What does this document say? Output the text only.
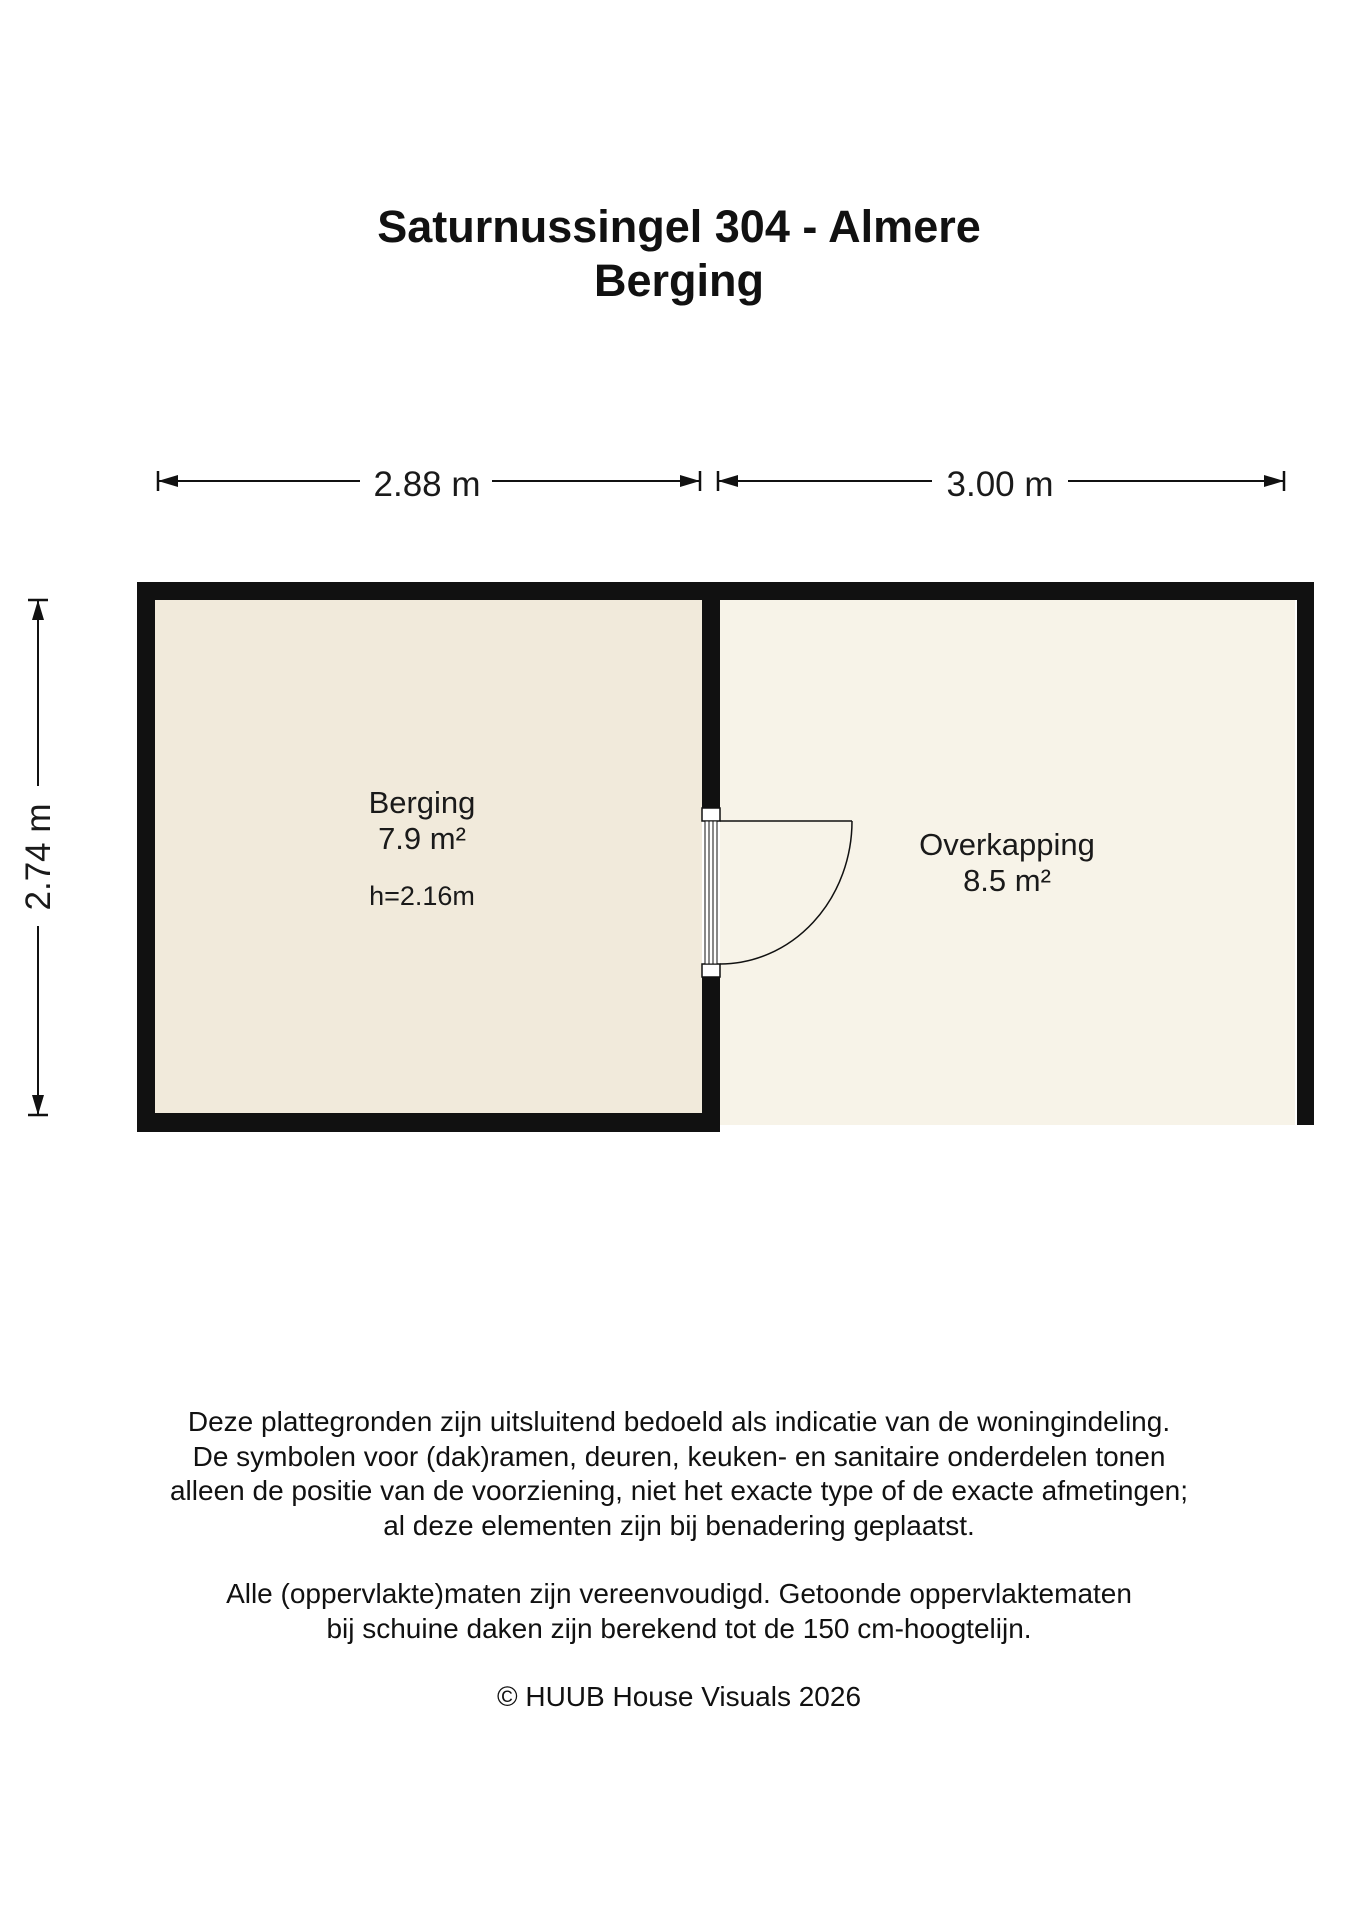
Saturnussingel 304 - Almere
Berging
2.88 m	3.00 m
2.74 m
Berging
7.9 m²
h=2.16m
Overkapping
8.5 m²

Deze plattegronden zijn uitsluitend bedoeld als indicatie van de woningindeling.

De symbolen voor (dak)ramen, deuren, keuken- en sanitaire onderdelen tonen

alleen de positie van de voorziening, niet het exacte type of de exacte afmetingen;

al deze elementen zijn bij benadering geplaatst.

Alle (oppervlakte)maten zijn vereenvoudigd. Getoonde oppervlaktematen

bij schuine daken zijn berekend tot de 150 cm-hoogtelijn.

© HUUB House Visuals 2026
